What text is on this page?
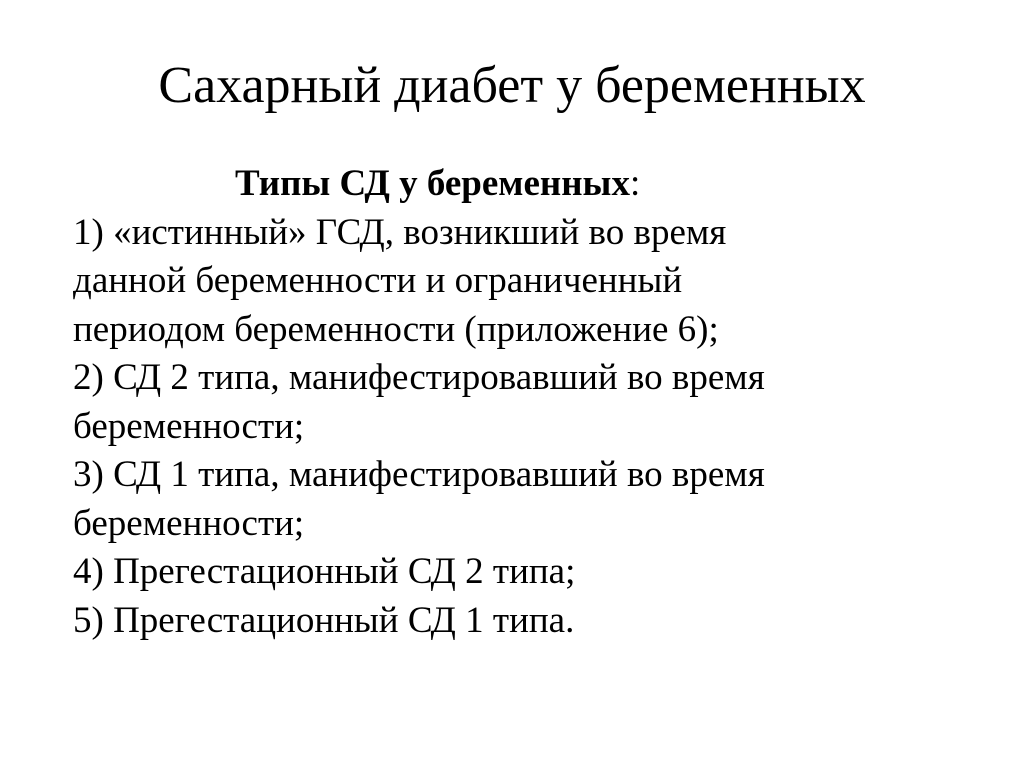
Сахарный диабет у беременных

Типы СД у беременных:

1) «истинный» ГСД, возникший во время
данной беременности и ограниченный
периодом беременности (приложение 6);
2) СД 2 типа, манифестировавший во время
беременности;
3) СД 1 типа, манифестировавший во время
беременности;
4) Прегестационный СД 2 типа;
5) Прегестационный СД 1 типа.
